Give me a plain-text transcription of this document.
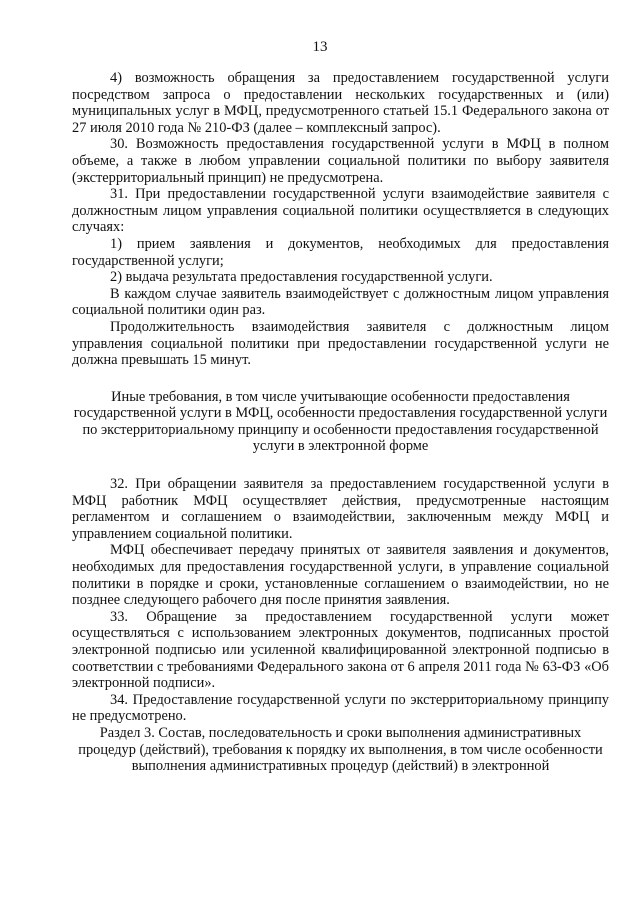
13

4) возможность обращения за предоставлением государственной услуги посредством запроса о предоставлении нескольких государственных и (или) муниципальных услуг в МФЦ, предусмотренного статьей 15.1 Федерального закона от 27 июля 2010 года № 210-ФЗ (далее – комплексный запрос).

30. Возможность предоставления государственной услуги в МФЦ в полном объеме, а также в любом управлении социальной политики по выбору заявителя (экстерриториальный принцип) не предусмотрена.

31. При предоставлении государственной услуги взаимодействие заявителя с должностным лицом управления социальной политики осуществляется в следующих случаях:

1) прием заявления и документов, необходимых для предоставления государственной услуги;

2) выдача результата предоставления государственной услуги.

В каждом случае заявитель взаимодействует с должностным лицом управления социальной политики один раз.

Продолжительность взаимодействия заявителя с должностным лицом управления социальной политики при предоставлении государственной услуги не должна превышать 15 минут.

Иные требования, в том числе учитывающие особенности предоставления государственной услуги в МФЦ, особенности предоставления государственной услуги по экстерриториальному принципу и особенности предоставления государственной услуги в электронной форме

32. При обращении заявителя за предоставлением государственной услуги в МФЦ работник МФЦ осуществляет действия, предусмотренные настоящим регламентом и соглашением о взаимодействии, заключенным между МФЦ и управлением социальной политики.

МФЦ обеспечивает передачу принятых от заявителя заявления и документов, необходимых для предоставления государственной услуги, в управление социальной политики в порядке и сроки, установленные соглашением о взаимодействии, но не позднее следующего рабочего дня после принятия заявления.

33. Обращение за предоставлением государственной услуги может осуществляться с использованием электронных документов, подписанных простой электронной подписью или усиленной квалифицированной электронной подписью в соответствии с требованиями Федерального закона от 6 апреля 2011 года № 63-ФЗ «Об электронной подписи».

34. Предоставление государственной услуги по экстерриториальному принципу не предусмотрено.

Раздел 3. Состав, последовательность и сроки выполнения административных процедур (действий), требования к порядку их выполнения, в том числе особенности выполнения административных процедур (действий) в электронной
